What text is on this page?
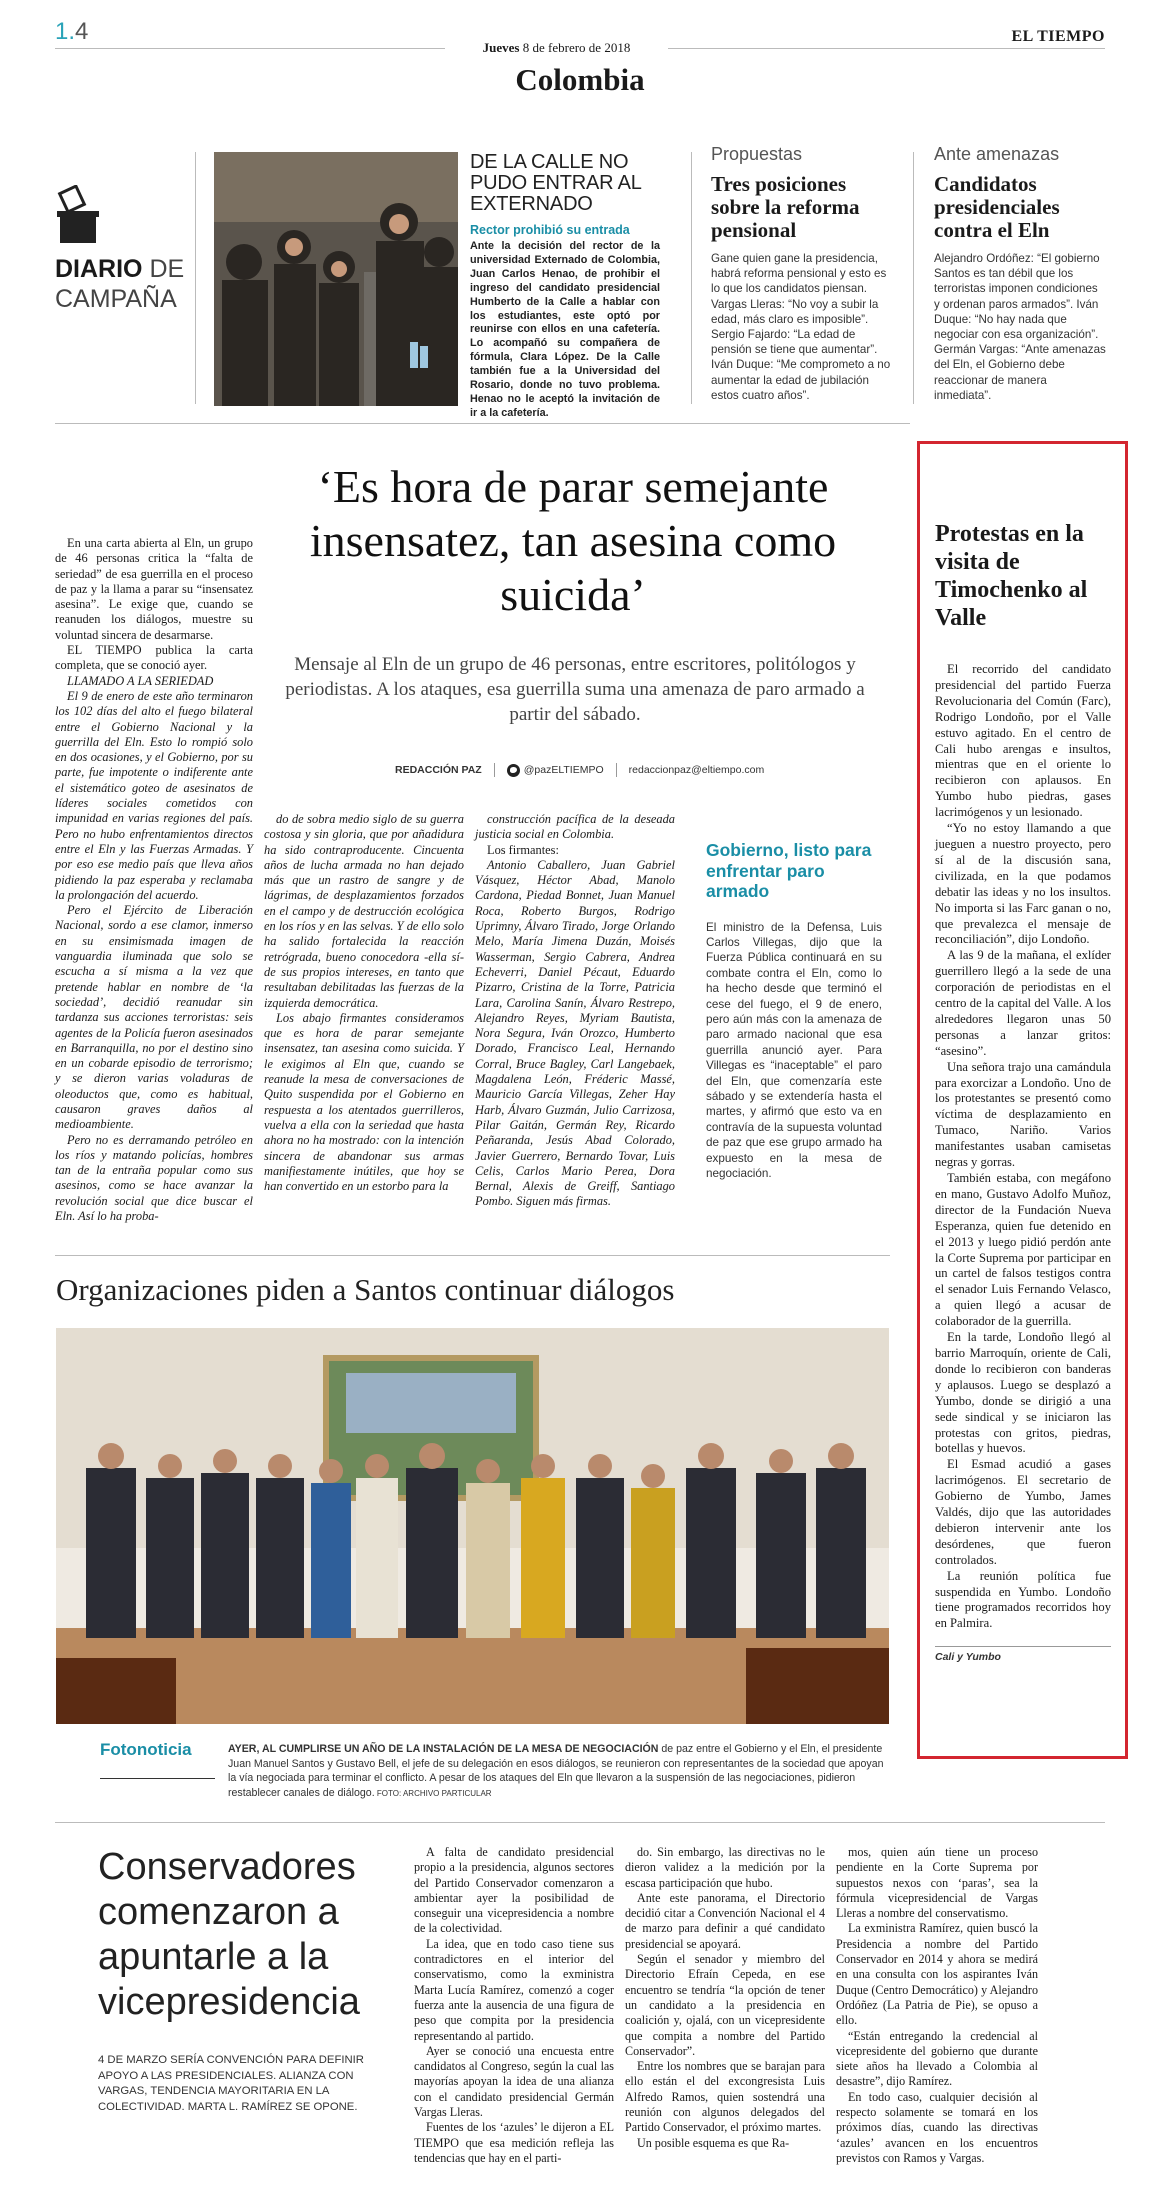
1.4
Jueves 8 de febrero de 2018
Colombia
EL TIEMPO
DIARIO DE
CAMPAÑA
DE LA CALLE NO PUDO ENTRAR AL EXTERNADO
Rector prohibió su entrada
Ante la decisión del rector de la universidad Externado de Colombia, Juan Carlos Henao, de prohibir el ingreso del candidato presidencial Humberto de la Calle a hablar con los estudiantes, este optó por reunirse con ellos en una cafetería. Lo acompañó su compañera de fórmula, Clara López. De la Calle también fue a la Universidad del Rosario, donde no tuvo problema. Henao no le aceptó la invitación de ir a la cafetería.
Propuestas
Tres posiciones sobre la reforma pensional
Gane quien gane la presidencia, habrá reforma pensional y esto es lo que los candidatos piensan. Vargas Lleras: “No voy a subir la edad, más claro es imposible”. Sergio Fajardo: “La edad de pensión se tiene que aumentar”. Iván Duque: “Me comprometo a no aumentar la edad de jubilación estos cuatro años”.
Ante amenazas
Candidatos presidenciales contra el Eln
Alejandro Ordóñez: “El gobierno Santos es tan débil que los terroristas imponen condiciones y ordenan paros armados”. Iván Duque: “No hay nada que negociar con esa organización”. Germán Vargas: “Ante amenazas del Eln, el Gobierno debe reaccionar de manera inmediata”.
‘Es hora de parar semejante insensatez, tan asesina como suicida’
Mensaje al Eln de un grupo de 46 personas, entre escritores, politólogos y periodistas. A los ataques, esa guerrilla suma una amenaza de paro armado a partir del sábado.
REDACCIÓN PAZ	@pazELTIEMPO redaccionpaz@eltiempo.com

En una carta abierta al Eln, un grupo de 46 personas critica la “falta de seriedad” de esa guerrilla en el proceso de paz y la llama a parar su “insensatez asesina”. Le exige que, cuando se reanuden los diálogos, muestre su voluntad sincera de desarmarse.

EL TIEMPO publica la carta completa, que se conoció ayer.

LLAMADO A LA SERIEDAD

El 9 de enero de este año terminaron los 102 días del alto el fuego bilateral entre el Gobierno Nacional y la guerrilla del Eln. Esto lo rompió solo en dos ocasiones, y el Gobierno, por su parte, fue impotente o indiferente ante el sistemático goteo de asesinatos de líderes sociales cometidos con impunidad en varias regiones del país. Pero no hubo enfrentamientos directos entre el Eln y las Fuerzas Armadas. Y por eso ese medio país que lleva años pidiendo la paz esperaba y reclamaba la prolongación del acuerdo.

Pero el Ejército de Liberación Nacional, sordo a ese clamor, inmerso en su ensimismada imagen de vanguardia iluminada que solo se escucha a sí misma a la vez que pretende hablar en nombre de ‘la sociedad’, decidió reanudar sin tardanza sus acciones terroristas: seis agentes de la Policía fueron asesinados en Barranquilla, no por el destino sino en un cobarde episodio de terrorismo; y se dieron varias voladuras de oleoductos que, como es habitual, causaron graves daños al medioambiente.

Pero no es derramando petróleo en los ríos y matando policías, hombres tan de la entraña popular como sus asesinos, como se hace avanzar la revolución social que dice buscar el Eln. Así lo ha proba-

do de sobra medio siglo de su guerra costosa y sin gloria, que por añadidura ha sido contraproducente. Cincuenta años de lucha armada no han dejado más que un rastro de sangre y de lágrimas, de desplazamientos forzados en el campo y de destrucción ecológica en los ríos y en las selvas. Y de ello solo ha salido fortalecida la reacción retrógrada, bueno conocedora -ella sí- de sus propios intereses, en tanto que resultaban debilitadas las fuerzas de la izquierda democrática.

Los abajo firmantes consideramos que es hora de parar semejante insensatez, tan asesina como suicida. Y le exigimos al Eln que, cuando se reanude la mesa de conversaciones de Quito suspendida por el Gobierno en respuesta a los atentados guerrilleros, vuelva a ella con la seriedad que hasta ahora no ha mostrado: con la intención sincera de abandonar sus armas manifiestamente inútiles, que hoy se han convertido en un estorbo para la

construcción pacífica de la deseada justicia social en Colombia.

Los firmantes:

Antonio Caballero, Juan Gabriel Vásquez, Héctor Abad, Manolo Cardona, Piedad Bonnet, Juan Manuel Roca, Roberto Burgos, Rodrigo Uprimny, Álvaro Tirado, Jorge Orlando Melo, María Jimena Duzán, Moisés Wasserman, Sergio Cabrera, Andrea Echeverri, Daniel Pécaut, Eduardo Pizarro, Cristina de la Torre, Patricia Lara, Carolina Sanín, Álvaro Restrepo, Alejandro Reyes, Myriam Bautista, Nora Segura, Iván Orozco, Humberto Dorado, Francisco Leal, Hernando Corral, Bruce Bagley, Carl Langebaek, Magdalena León, Fréderic Massé, Mauricio García Villegas, Zeher Hay Harb, Álvaro Guzmán, Julio Carrizosa, Pilar Gaitán, Germán Rey, Ricardo Peñaranda, Jesús Abad Colorado, Javier Guerrero, Bernardo Tovar, Luis Celis, Carlos Mario Perea, Dora Bernal, Alexis de Greiff, Santiago Pombo. Siguen más firmas.

Gobierno, listo para enfrentar paro armado
El ministro de la Defensa, Luis Carlos Villegas, dijo que la Fuerza Pública continuará en su combate contra el Eln, como lo ha hecho desde que terminó el cese del fuego, el 9 de enero, pero aún más con la amenaza de paro armado nacional que esa guerrilla anunció ayer. Para Villegas es “inaceptable” el paro del Eln, que comenzaría este sábado y se extendería hasta el martes, y afirmó que esto va en contravía de la supuesta voluntad de paz que ese grupo armado ha expuesto en la mesa de negociación.
Protestas en la visita de Timochenko al Valle

El recorrido del candidato presidencial del partido Fuerza Revolucionaria del Común (Farc), Rodrigo Londoño, por el Valle estuvo agitado. En el centro de Cali hubo arengas e insultos, mientras que en el oriente lo recibieron con aplausos. En Yumbo hubo piedras, gases lacrimógenos y un lesionado.

“Yo no estoy llamando a que jueguen a nuestro proyecto, pero sí al de la discusión sana, civilizada, en la que podamos debatir las ideas y no los insultos. No importa si las Farc ganan o no, que prevalezca el mensaje de reconciliación”, dijo Londoño.

A las 9 de la mañana, el exlíder guerrillero llegó a la sede de una corporación de periodistas en el centro de la capital del Valle. A los alrededores llegaron unas 50 personas a lanzar gritos: “asesino”.

Una señora trajo una camándula para exorcizar a Londoño. Uno de los protestantes se presentó como víctima de desplazamiento en Tumaco, Nariño. Varios manifestantes usaban camisetas negras y gorras.

También estaba, con megáfono en mano, Gustavo Adolfo Muñoz, director de la Fundación Nueva Esperanza, quien fue detenido en el 2013 y luego pidió perdón ante la Corte Suprema por participar en un cartel de falsos testigos contra el senador Luis Fernando Velasco, a quien llegó a acusar de colaborador de la guerrilla.

En la tarde, Londoño llegó al barrio Marroquín, oriente de Cali, donde lo recibieron con banderas y aplausos. Luego se desplazó a Yumbo, donde se dirigió a una sede sindical y se iniciaron las protestas con gritos, piedras, botellas y huevos.

El Esmad acudió a gases lacrimógenos. El secretario de Gobierno de Yumbo, James Valdés, dijo que las autoridades debieron intervenir ante los desórdenes, que fueron controlados.

La reunión política fue suspendida en Yumbo. Londoño tiene programados recorridos hoy en Palmira.

Cali y Yumbo
Organizaciones piden a Santos continuar diálogos
Fotonoticia	AYER, AL CUMPLIRSE UN AÑO DE LA INSTALACIÓN DE LA MESA DE NEGOCIACIÓN de paz entre el Gobierno y el Eln, el presidente Juan Manuel Santos y Gustavo Bell, el jefe de su delegación en esos diálogos, se reunieron con representantes de la sociedad que apoyan la vía negociada para terminar el conflicto. A pesar de los ataques del Eln que llevaron a la suspensión de las negociaciones, pidieron restablecer canales de diálogo. FOTO: ARCHIVO PARTICULAR
Conservadores comenzaron a apuntarle a la vicepresidencia
4 DE MARZO SERÍA CONVENCIÓN PARA DEFINIR APOYO A LAS PRESIDENCIALES. ALIANZA CON VARGAS, TENDENCIA MAYORITARIA EN LA COLECTIVIDAD. MARTA L. RAMÍREZ SE OPONE.

A falta de candidato presidencial propio a la presidencia, algunos sectores del Partido Conservador comenzaron a ambientar ayer la posibilidad de conseguir una vicepresidencia a nombre de la colectividad.

La idea, que en todo caso tiene sus contradictores en el interior del conservatismo, como la exministra Marta Lucía Ramírez, comenzó a coger fuerza ante la ausencia de una figura de peso que compita por la presidencia representando al partido.

Ayer se conoció una encuesta entre candidatos al Congreso, según la cual las mayorías apoyan la idea de una alianza con el candidato presidencial Germán Vargas Lleras.

Fuentes de los ‘azules’ le dijeron a EL TIEMPO que esa medición refleja las tendencias que hay en el parti-

do. Sin embargo, las directivas no le dieron validez a la medición por la escasa participación que hubo.

Ante este panorama, el Directorio decidió citar a Convención Nacional el 4 de marzo para definir a qué candidato presidencial se apoyará.

Según el senador y miembro del Directorio Efraín Cepeda, en ese encuentro se tendría “la opción de tener un candidato a la presidencia en coalición y, ojalá, con un vicepresidente que compita a nombre del Partido Conservador”.

Entre los nombres que se barajan para ello están el del excongresista Luis Alfredo Ramos, quien sostendrá una reunión con algunos delegados del Partido Conservador, el próximo martes.

Un posible esquema es que Ra-

mos, quien aún tiene un proceso pendiente en la Corte Suprema por supuestos nexos con ‘paras’, sea la fórmula vicepresidencial de Vargas Lleras a nombre del conservatismo.

La exministra Ramírez, quien buscó la Presidencia a nombre del Partido Conservador en 2014 y ahora se medirá en una consulta con los aspirantes Iván Duque (Centro Democrático) y Alejandro Ordóñez (La Patria de Pie), se opuso a ello.

“Están entregando la credencial al vicepresidente del gobierno que durante siete años ha llevado a Colombia al desastre”, dijo Ramírez.

En todo caso, cualquier decisión al respecto solamente se tomará en los próximos días, cuando las directivas ‘azules’ avancen en los encuentros previstos con Ramos y Vargas.
